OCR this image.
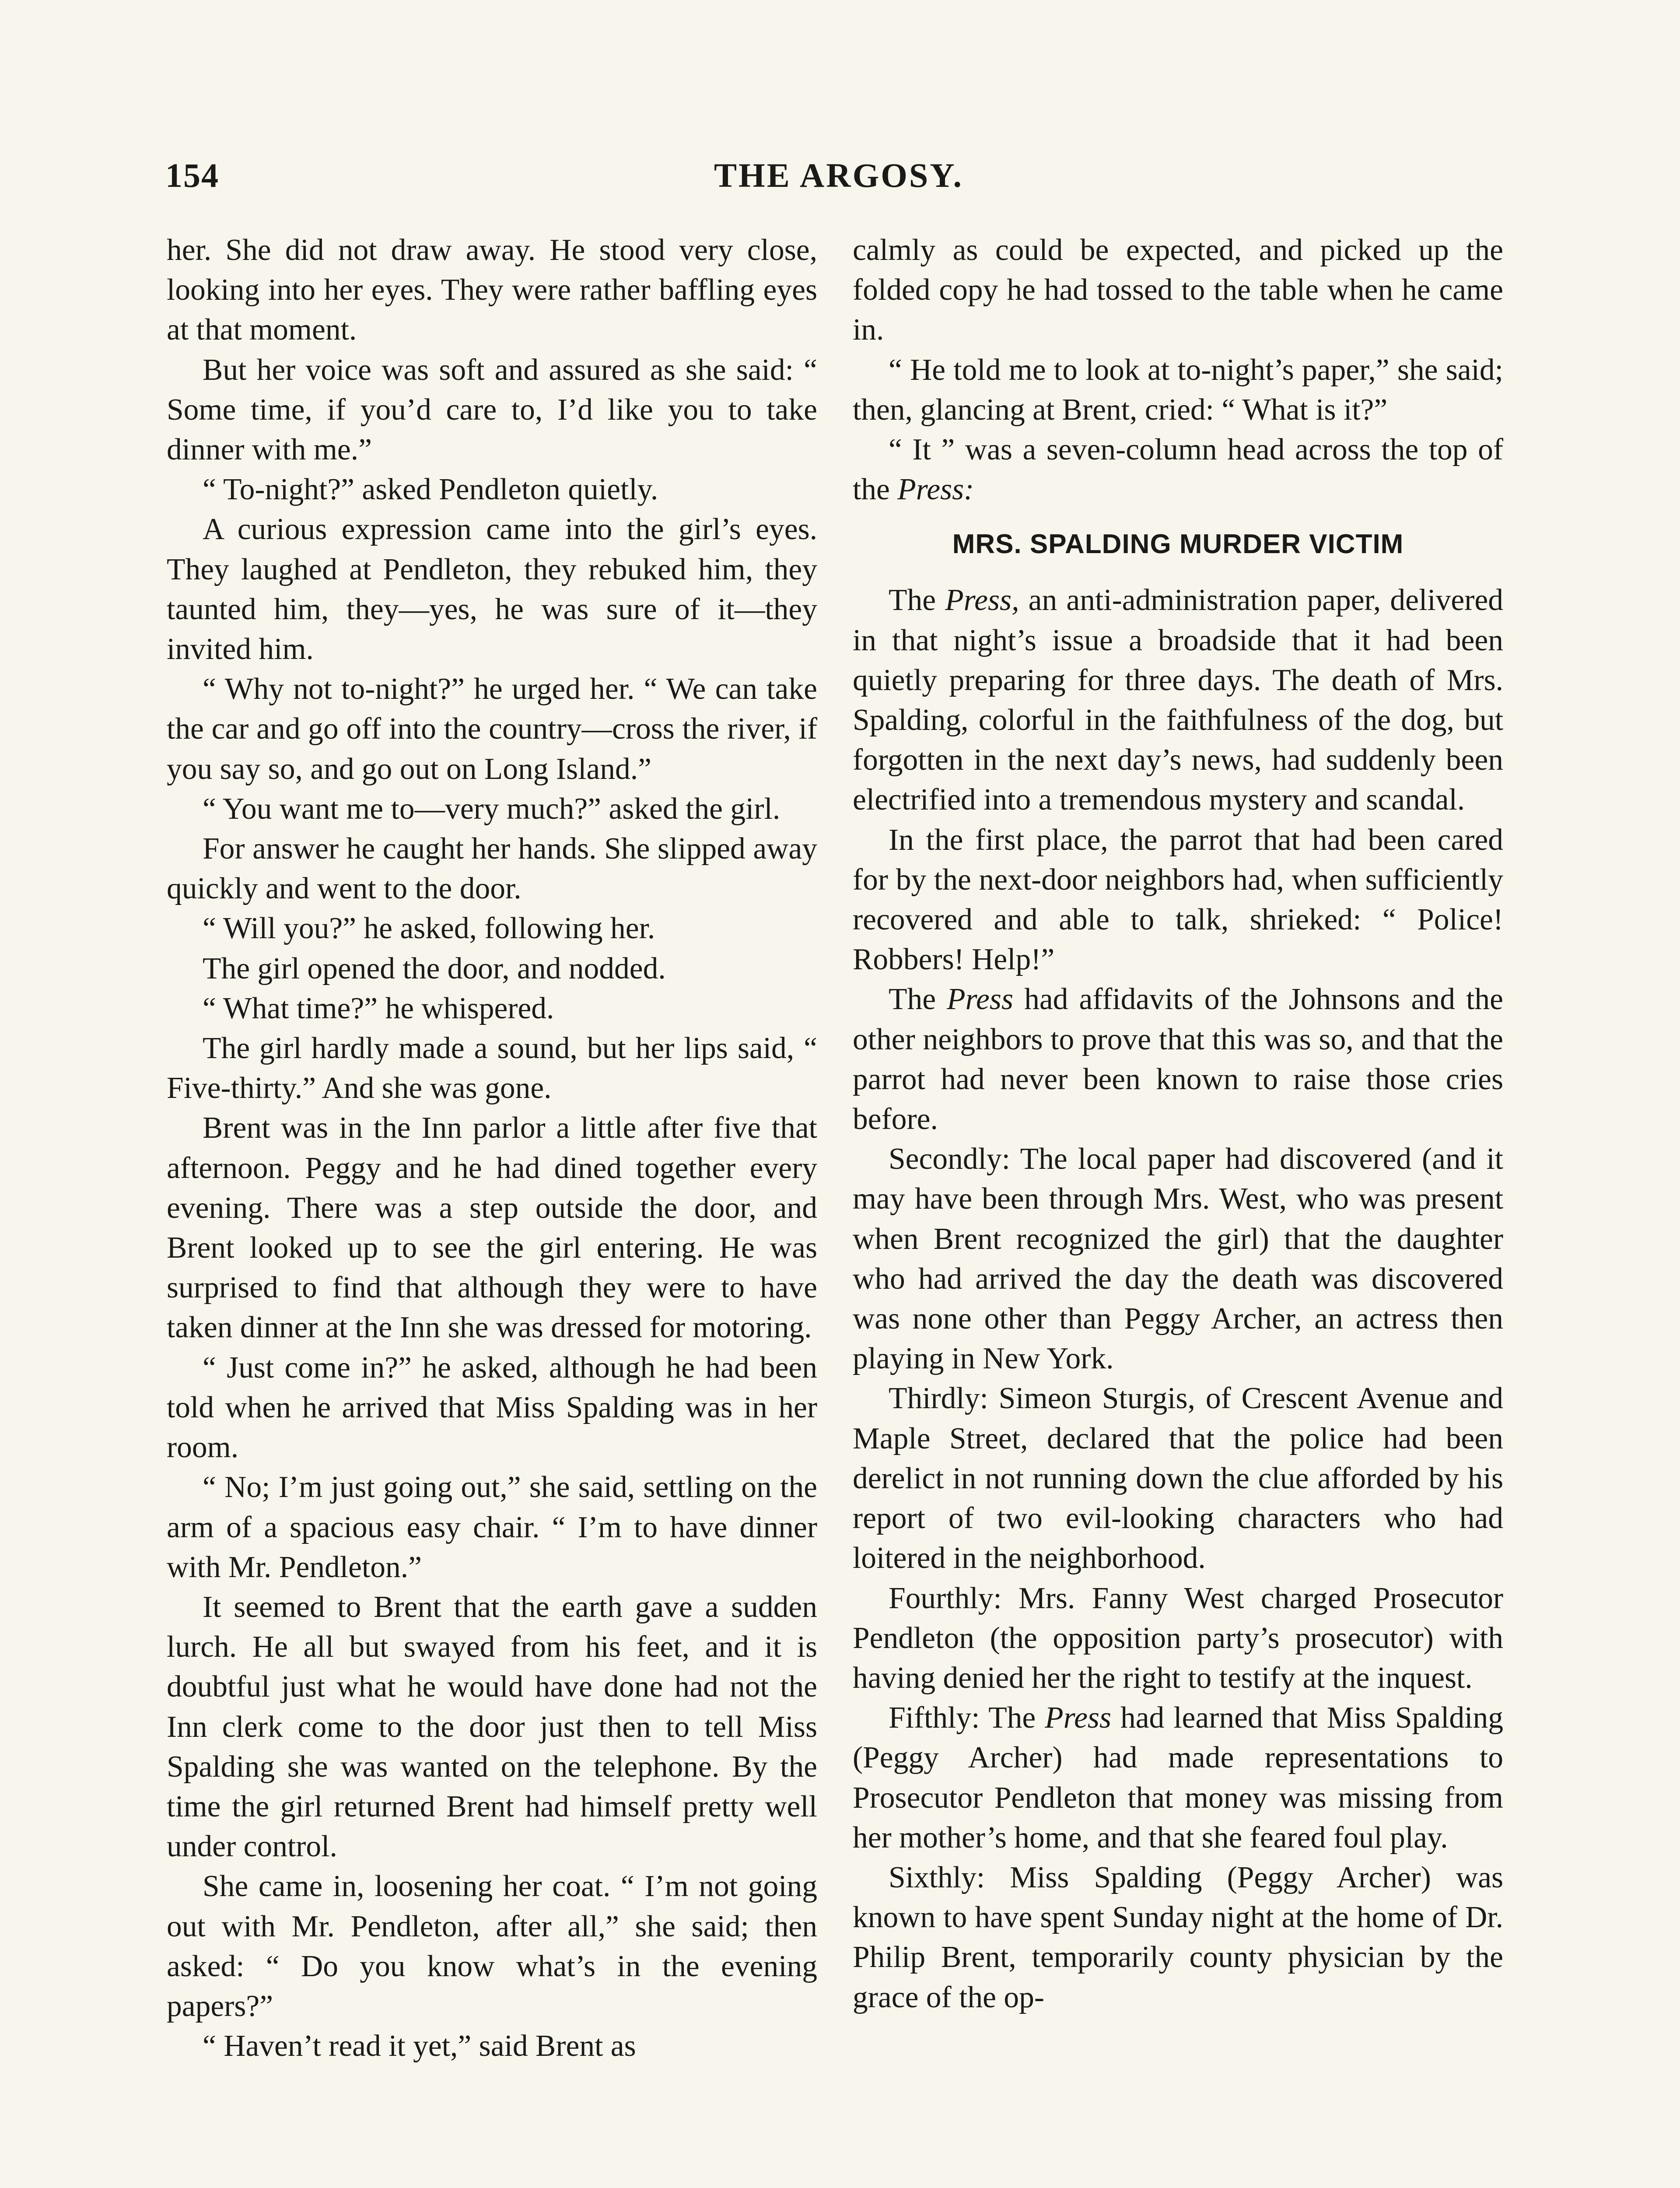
THE ARGOSY.
154

her. She did not draw away. He stood very close, looking into her eyes. They were rather baffling eyes at that moment.

But her voice was soft and assured as she said: “ Some time, if you’d care to, I’d like you to take dinner with me.”

“ To-night?” asked Pendleton quietly.

A curious expression came into the girl’s eyes. They laughed at Pendleton, they rebuked him, they taunted him, they—yes, he was sure of it—they invited him.

“ Why not to-night?” he urged her. “ We can take the car and go off into the country—cross the river, if you say so, and go out on Long Island.”

“ You want me to—very much?” asked the girl.

For answer he caught her hands. She slipped away quickly and went to the door.

“ Will you?” he asked, following her.

The girl opened the door, and nodded.

“ What time?” he whispered.

The girl hardly made a sound, but her lips said, “ Five-thirty.” And she was gone.

Brent was in the Inn parlor a little after five that afternoon. Peggy and he had dined together every evening. There was a step outside the door, and Brent looked up to see the girl entering. He was surprised to find that although they were to have taken dinner at the Inn she was dressed for motoring.

“ Just come in?” he asked, although he had been told when he arrived that Miss Spalding was in her room.

“ No; I’m just going out,” she said, settling on the arm of a spacious easy chair. “ I’m to have dinner with Mr. Pendleton.”

It seemed to Brent that the earth gave a sudden lurch. He all but swayed from his feet, and it is doubtful just what he would have done had not the Inn clerk come to the door just then to tell Miss Spalding she was wanted on the telephone. By the time the girl returned Brent had himself pretty well under control.

She came in, loosening her coat. “ I’m not going out with Mr. Pendleton, after all,” she said; then asked: “ Do you know what’s in the evening papers?”

“ Haven’t read it yet,” said Brent as

calmly as could be expected, and picked up the folded copy he had tossed to the table when he came in.

“ He told me to look at to-night’s paper,” she said; then, glancing at Brent, cried: “ What is it?”

“ It ” was a seven-column head across the top of the Press:

MRS. SPALDING MURDER VICTIM

The Press, an anti-administration paper, delivered in that night’s issue a broadside that it had been quietly preparing for three days. The death of Mrs. Spalding, colorful in the faithfulness of the dog, but forgotten in the next day’s news, had suddenly been electrified into a tremendous mystery and scandal.

In the first place, the parrot that had been cared for by the next-door neighbors had, when sufficiently recovered and able to talk, shrieked: “ Police! Robbers! Help!”

The Press had affidavits of the Johnsons and the other neighbors to prove that this was so, and that the parrot had never been known to raise those cries before.

Secondly: The local paper had discovered (and it may have been through Mrs. West, who was present when Brent recognized the girl) that the daughter who had arrived the day the death was discovered was none other than Peggy Archer, an actress then playing in New York.

Thirdly: Simeon Sturgis, of Crescent Avenue and Maple Street, declared that the police had been derelict in not running down the clue afforded by his report of two evil-looking characters who had loitered in the neighborhood.

Fourthly: Mrs. Fanny West charged Prosecutor Pendleton (the opposition party’s prosecutor) with having denied her the right to testify at the inquest.

Fifthly: The Press had learned that Miss Spalding (Peggy Archer) had made representations to Prosecutor Pendleton that money was missing from her mother’s home, and that she feared foul play.

Sixthly: Miss Spalding (Peggy Archer) was known to have spent Sunday night at the home of Dr. Philip Brent, temporarily county physician by the grace of the op-
